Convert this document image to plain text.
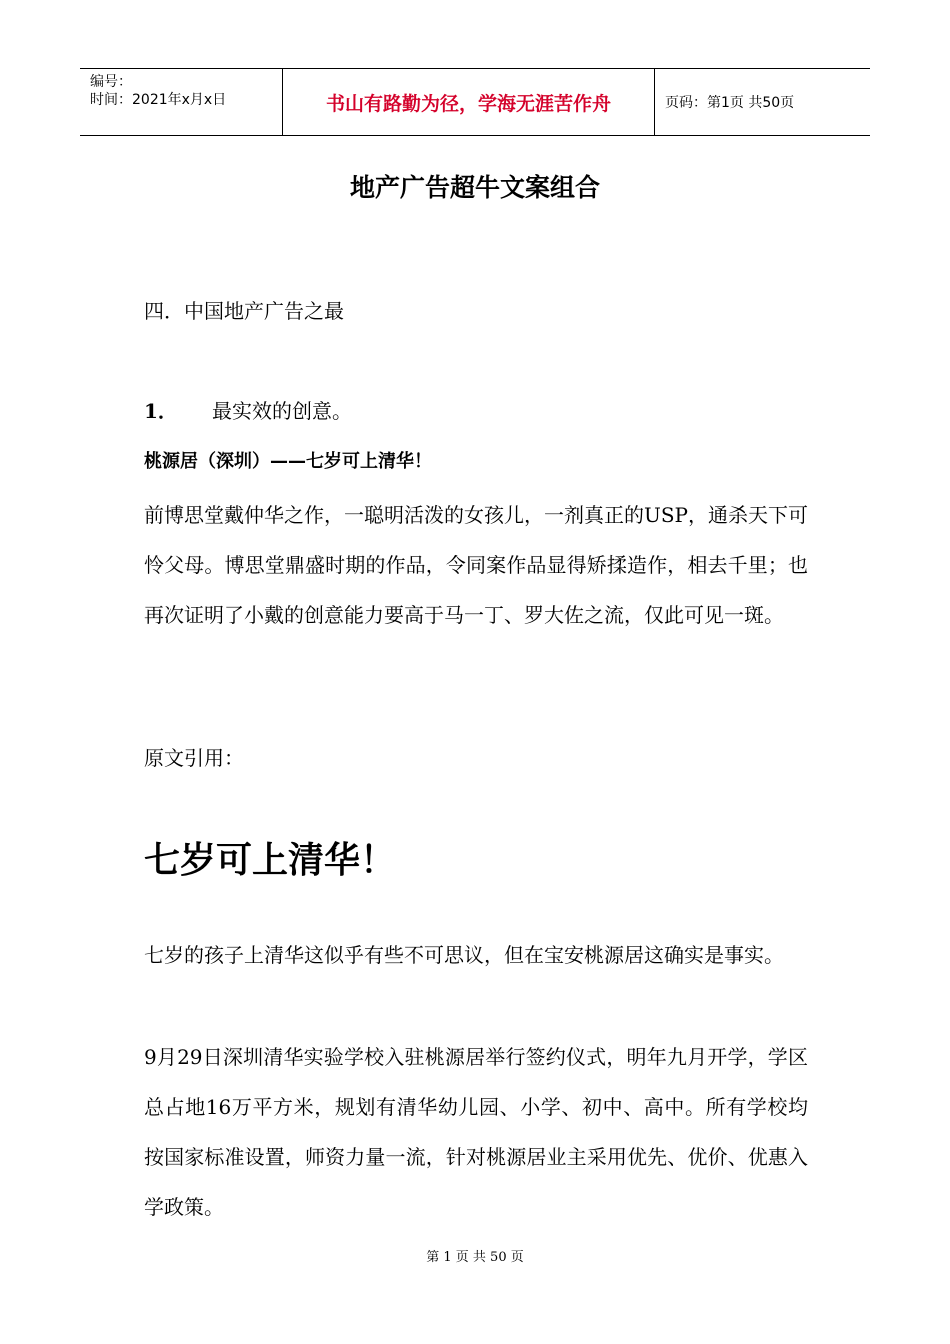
编号：
时间：2021年x月x日	书山有路勤为径，学海无涯苦作舟	页码：第1页 共50页
地产广告超牛文案组合
四．中国地产广告之最
1． 最实效的创意。
桃源居（深圳）——七岁可上清华！
前博思堂戴仲华之作，一聪明活泼的女孩儿，一剂真正的USP，通杀天下可怜父母。博思堂鼎盛时期的作品，令同案作品显得矫揉造作，相去千里；也再次证明了小戴的创意能力要高于马一丁、罗大佐之流，仅此可见一斑。
原文引用：
七岁可上清华！
七岁的孩子上清华这似乎有些不可思议，但在宝安桃源居这确实是事实。
9月29日深圳清华实验学校入驻桃源居举行签约仪式，明年九月开学，学区总占地16万平方米，规划有清华幼儿园、小学、初中、高中。所有学校均按国家标准设置，师资力量一流，针对桃源居业主采用优先、优价、优惠入学政策。
第 1 页 共 50 页
